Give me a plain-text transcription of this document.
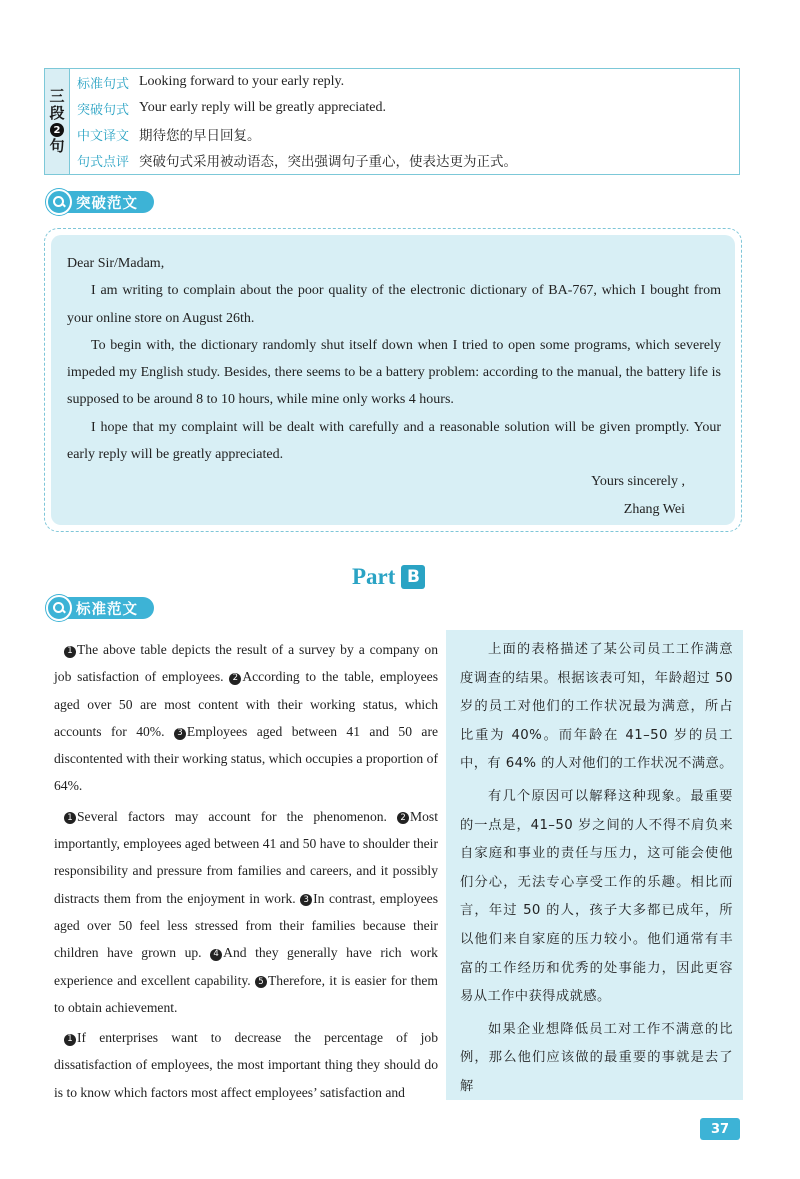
三
段
2
句
标准句式 Looking forward to your early reply.
突破句式 Your early reply will be greatly appreciated.
中文译文 期待您的早日回复。
句式点评 突破句式采用被动语态，突出强调句子重心，使表达更为正式。
突破范文

Dear Sir/Madam,

I am writing to complain about the poor quality of the electronic dictionary of BA-767, which I bought from your online store on August 26th.

To begin with, the dictionary randomly shut itself down when I tried to open some programs, which severely impeded my English study. Besides, there seems to be a battery problem: according to the manual, the battery life is supposed to be around 8 to 10 hours, while mine only works 4 hours.

I hope that my complaint will be dealt with carefully and a reasonable solution will be given promptly. Your early reply will be greatly appreciated.

Yours sincerely ,

Zhang Wei

Part B
标准范文

1 The above table depicts the result of a survey by a company on job satisfaction of employees. 2 According to the table, employees aged over 50 are most content with their working status, which accounts for 40%. 3 Employees aged between 41 and 50 are discontented with their working status, which occupies a proportion of 64%.

1 Several factors may account for the phenomenon. 2 Most importantly, employees aged between 41 and 50 have to shoulder their responsibility and pressure from families and careers, and it possibly distracts them from the enjoyment in work. 3 In contrast, employees aged over 50 feel less stressed from their families because their children have grown up. 4 And they generally have rich work experience and excellent capability. 5 Therefore, it is easier for them to obtain achievement.

1 If enterprises want to decrease the percentage of job dissatisfaction of employees, the most important thing they should do is to know which factors most affect employees’ satisfaction and

上面的表格描述了某公司员工工作满意度调查的结果。根据该表可知，年龄超过 50 岁的员工对他们的工作状况最为满意，所占比重为 40%。而年龄在 41–50 岁的员工中，有 64% 的人对他们的工作状况不满意。

有几个原因可以解释这种现象。最重要的一点是，41–50 岁之间的人不得不肩负来自家庭和事业的责任与压力，这可能会使他们分心，无法专心享受工作的乐趣。相比而言，年过 50 的人，孩子大多都已成年，所以他们来自家庭的压力较小。他们通常有丰富的工作经历和优秀的处事能力，因此更容易从工作中获得成就感。

如果企业想降低员工对工作不满意的比例，那么他们应该做的最重要的事就是去了解

37
